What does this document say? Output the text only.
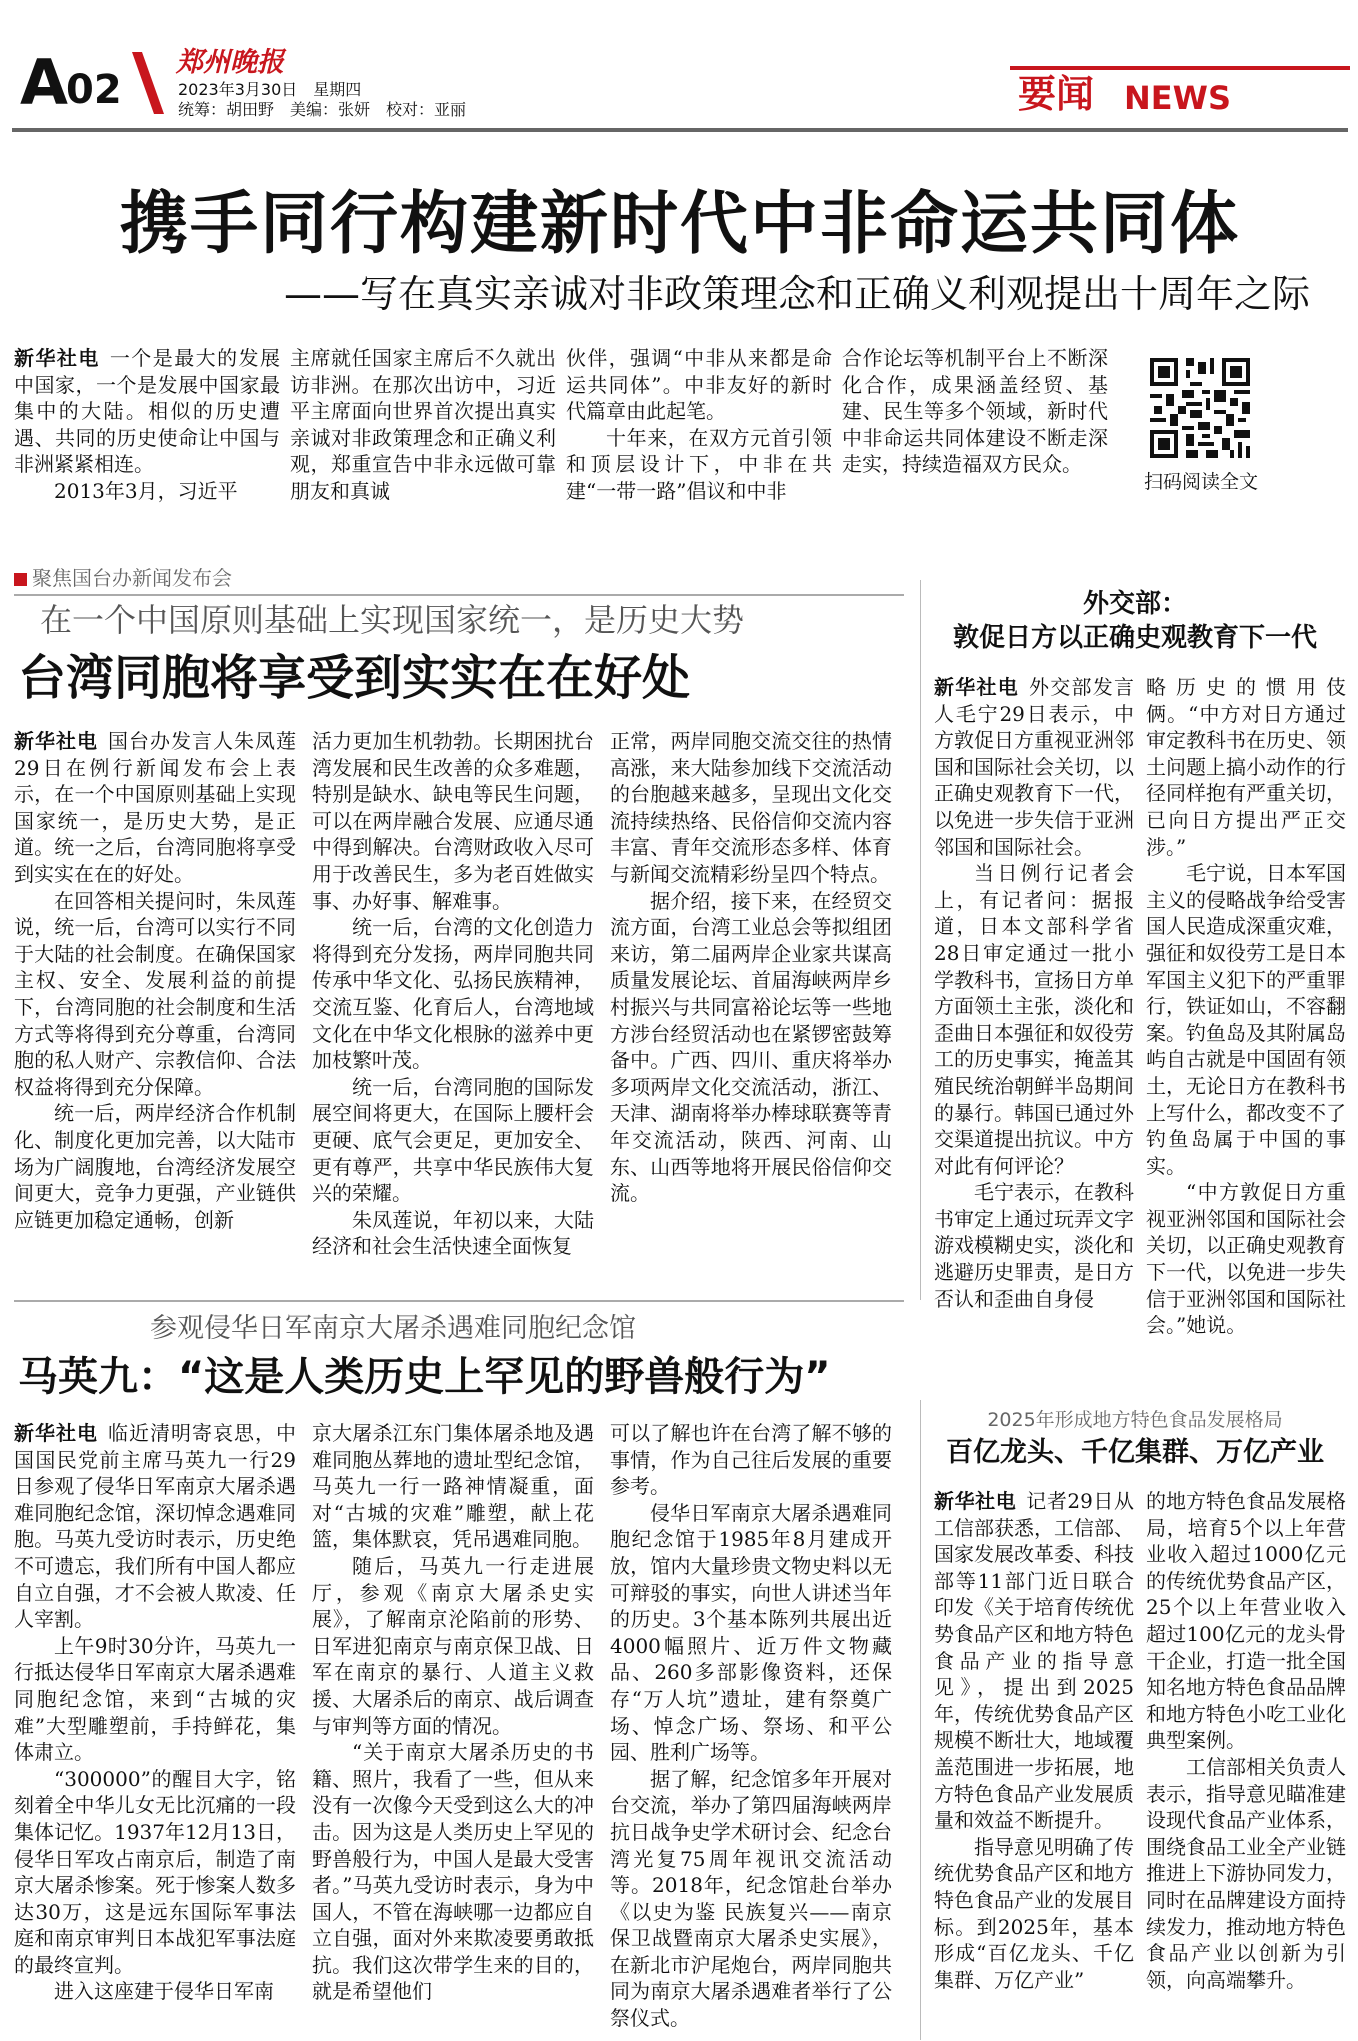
A
02
郑州晚报
2023年3月30日　星期四
统筹：胡田野　美编：张妍　校对：亚丽	要闻 NEWS
携手同行构建新时代中非命运共同体
——写在真实亲诚对非政策理念和正确义利观提出十周年之际

新华社电 一个是最大的发展中国家，一个是发展中国家最集中的大陆。相似的历史遭遇、共同的历史使命让中国与非洲紧紧相连。

2013年3月，习近平

主席就任国家主席后不久就出访非洲。在那次出访中，习近平主席面向世界首次提出真实亲诚对非政策理念和正确义利观，郑重宣告中非永远做可靠朋友和真诚

伙伴，强调“中非从来都是命运共同体”。中非友好的新时代篇章由此起笔。

十年来，在双方元首引领和顶层设计下，中非在共建“一带一路”倡议和中非

合作论坛等机制平台上不断深化合作，成果涵盖经贸、基建、民生等多个领域，新时代中非命运共同体建设不断走深走实，持续造福双方民众。

扫码阅读全文
聚焦国台办新闻发布会
在一个中国原则基础上实现国家统一，是历史大势
台湾同胞将享受到实实在在好处

新华社电 国台办发言人朱凤莲29日在例行新闻发布会上表示，在一个中国原则基础上实现国家统一，是历史大势，是正道。统一之后，台湾同胞将享受到实实在在的好处。

在回答相关提问时，朱凤莲说，统一后，台湾可以实行不同于大陆的社会制度。在确保国家主权、安全、发展利益的前提下，台湾同胞的社会制度和生活方式等将得到充分尊重，台湾同胞的私人财产、宗教信仰、合法权益将得到充分保障。

统一后，两岸经济合作机制化、制度化更加完善，以大陆市场为广阔腹地，台湾经济发展空间更大，竞争力更强，产业链供应链更加稳定通畅，创新

活力更加生机勃勃。长期困扰台湾发展和民生改善的众多难题，特别是缺水、缺电等民生问题，可以在两岸融合发展、应通尽通中得到解决。台湾财政收入尽可用于改善民生，多为老百姓做实事、办好事、解难事。

统一后，台湾的文化创造力将得到充分发扬，两岸同胞共同传承中华文化、弘扬民族精神，交流互鉴、化育后人，台湾地域文化在中华文化根脉的滋养中更加枝繁叶茂。

统一后，台湾同胞的国际发展空间将更大，在国际上腰杆会更硬、底气会更足，更加安全、更有尊严，共享中华民族伟大复兴的荣耀。

朱凤莲说，年初以来，大陆经济和社会生活快速全面恢复

正常，两岸同胞交流交往的热情高涨，来大陆参加线下交流活动的台胞越来越多，呈现出文化交流持续热络、民俗信仰交流内容丰富、青年交流形态多样、体育与新闻交流精彩纷呈四个特点。

据介绍，接下来，在经贸交流方面，台湾工业总会等拟组团来访，第二届两岸企业家共谋高质量发展论坛、首届海峡两岸乡村振兴与共同富裕论坛等一些地方涉台经贸活动也在紧锣密鼓筹备中。广西、四川、重庆将举办多项两岸文化交流活动，浙江、天津、湖南将举办棒球联赛等青年交流活动，陕西、河南、山东、山西等地将开展民俗信仰交流。

外交部：
敦促日方以正确史观教育下一代

新华社电 外交部发言人毛宁29日表示，中方敦促日方重视亚洲邻国和国际社会关切，以正确史观教育下一代，以免进一步失信于亚洲邻国和国际社会。

当日例行记者会上，有记者问：据报道，日本文部科学省28日审定通过一批小学教科书，宣扬日方单方面领土主张，淡化和歪曲日本强征和奴役劳工的历史事实，掩盖其殖民统治朝鲜半岛期间的暴行。韩国已通过外交渠道提出抗议。中方对此有何评论？

毛宁表示，在教科书审定上通过玩弄文字游戏模糊史实，淡化和逃避历史罪责，是日方否认和歪曲自身侵

略历史的惯用伎俩。“中方对日方通过审定教科书在历史、领土问题上搞小动作的行径同样抱有严重关切，已向日方提出严正交涉。”

毛宁说，日本军国主义的侵略战争给受害国人民造成深重灾难，强征和奴役劳工是日本军国主义犯下的严重罪行，铁证如山，不容翻案。钓鱼岛及其附属岛屿自古就是中国固有领土，无论日方在教科书上写什么，都改变不了钓鱼岛属于中国的事实。

“中方敦促日方重视亚洲邻国和国际社会关切，以正确史观教育下一代，以免进一步失信于亚洲邻国和国际社会。”她说。

参观侵华日军南京大屠杀遇难同胞纪念馆
马英九：“这是人类历史上罕见的野兽般行为”

新华社电 临近清明寄哀思，中国国民党前主席马英九一行29日参观了侵华日军南京大屠杀遇难同胞纪念馆，深切悼念遇难同胞。马英九受访时表示，历史绝不可遗忘，我们所有中国人都应自立自强，才不会被人欺凌、任人宰割。

上午9时30分许，马英九一行抵达侵华日军南京大屠杀遇难同胞纪念馆，来到“古城的灾难”大型雕塑前，手持鲜花，集体肃立。

“300000”的醒目大字，铭刻着全中华儿女无比沉痛的一段集体记忆。1937年12月13日，侵华日军攻占南京后，制造了南京大屠杀惨案。死于惨案人数多达30万，这是远东国际军事法庭和南京审判日本战犯军事法庭的最终宣判。

进入这座建于侵华日军南

京大屠杀江东门集体屠杀地及遇难同胞丛葬地的遗址型纪念馆，马英九一行一路神情凝重，面对“古城的灾难”雕塑，献上花篮，集体默哀，凭吊遇难同胞。

随后，马英九一行走进展厅，参观《南京大屠杀史实展》，了解南京沦陷前的形势、日军进犯南京与南京保卫战、日军在南京的暴行、人道主义救援、大屠杀后的南京、战后调查与审判等方面的情况。

“关于南京大屠杀历史的书籍、照片，我看了一些，但从来没有一次像今天受到这么大的冲击。因为这是人类历史上罕见的野兽般行为，中国人是最大受害者。”马英九受访时表示，身为中国人，不管在海峡哪一边都应自立自强，面对外来欺凌要勇敢抵抗。我们这次带学生来的目的，就是希望他们

可以了解也许在台湾了解不够的事情，作为自己往后发展的重要参考。

侵华日军南京大屠杀遇难同胞纪念馆于1985年8月建成开放，馆内大量珍贵文物史料以无可辩驳的事实，向世人讲述当年的历史。3个基本陈列共展出近4000幅照片、近万件文物藏品、260多部影像资料，还保存“万人坑”遗址，建有祭奠广场、悼念广场、祭场、和平公园、胜利广场等。

据了解，纪念馆多年开展对台交流，举办了第四届海峡两岸抗日战争史学术研讨会、纪念台湾光复75周年视讯交流活动等。2018年，纪念馆赴台举办《以史为鉴 民族复兴——南京保卫战暨南京大屠杀史实展》，在新北市沪尾炮台，两岸同胞共同为南京大屠杀遇难者举行了公祭仪式。

2025年形成地方特色食品发展格局
百亿龙头、千亿集群、万亿产业

新华社电 记者29日从工信部获悉，工信部、国家发展改革委、科技部等11部门近日联合印发《关于培育传统优势食品产区和地方特色食品产业的指导意见》，提出到2025年，传统优势食品产区规模不断壮大，地域覆盖范围进一步拓展，地方特色食品产业发展质量和效益不断提升。

指导意见明确了传统优势食品产区和地方特色食品产业的发展目标。到2025年，基本形成“百亿龙头、千亿集群、万亿产业”

的地方特色食品发展格局，培育5个以上年营业收入超过1000亿元的传统优势食品产区，25个以上年营业收入超过100亿元的龙头骨干企业，打造一批全国知名地方特色食品品牌和地方特色小吃工业化典型案例。

工信部相关负责人表示，指导意见瞄准建设现代食品产业体系，围绕食品工业全产业链推进上下游协同发力，同时在品牌建设方面持续发力，推动地方特色食品产业以创新为引领，向高端攀升。
